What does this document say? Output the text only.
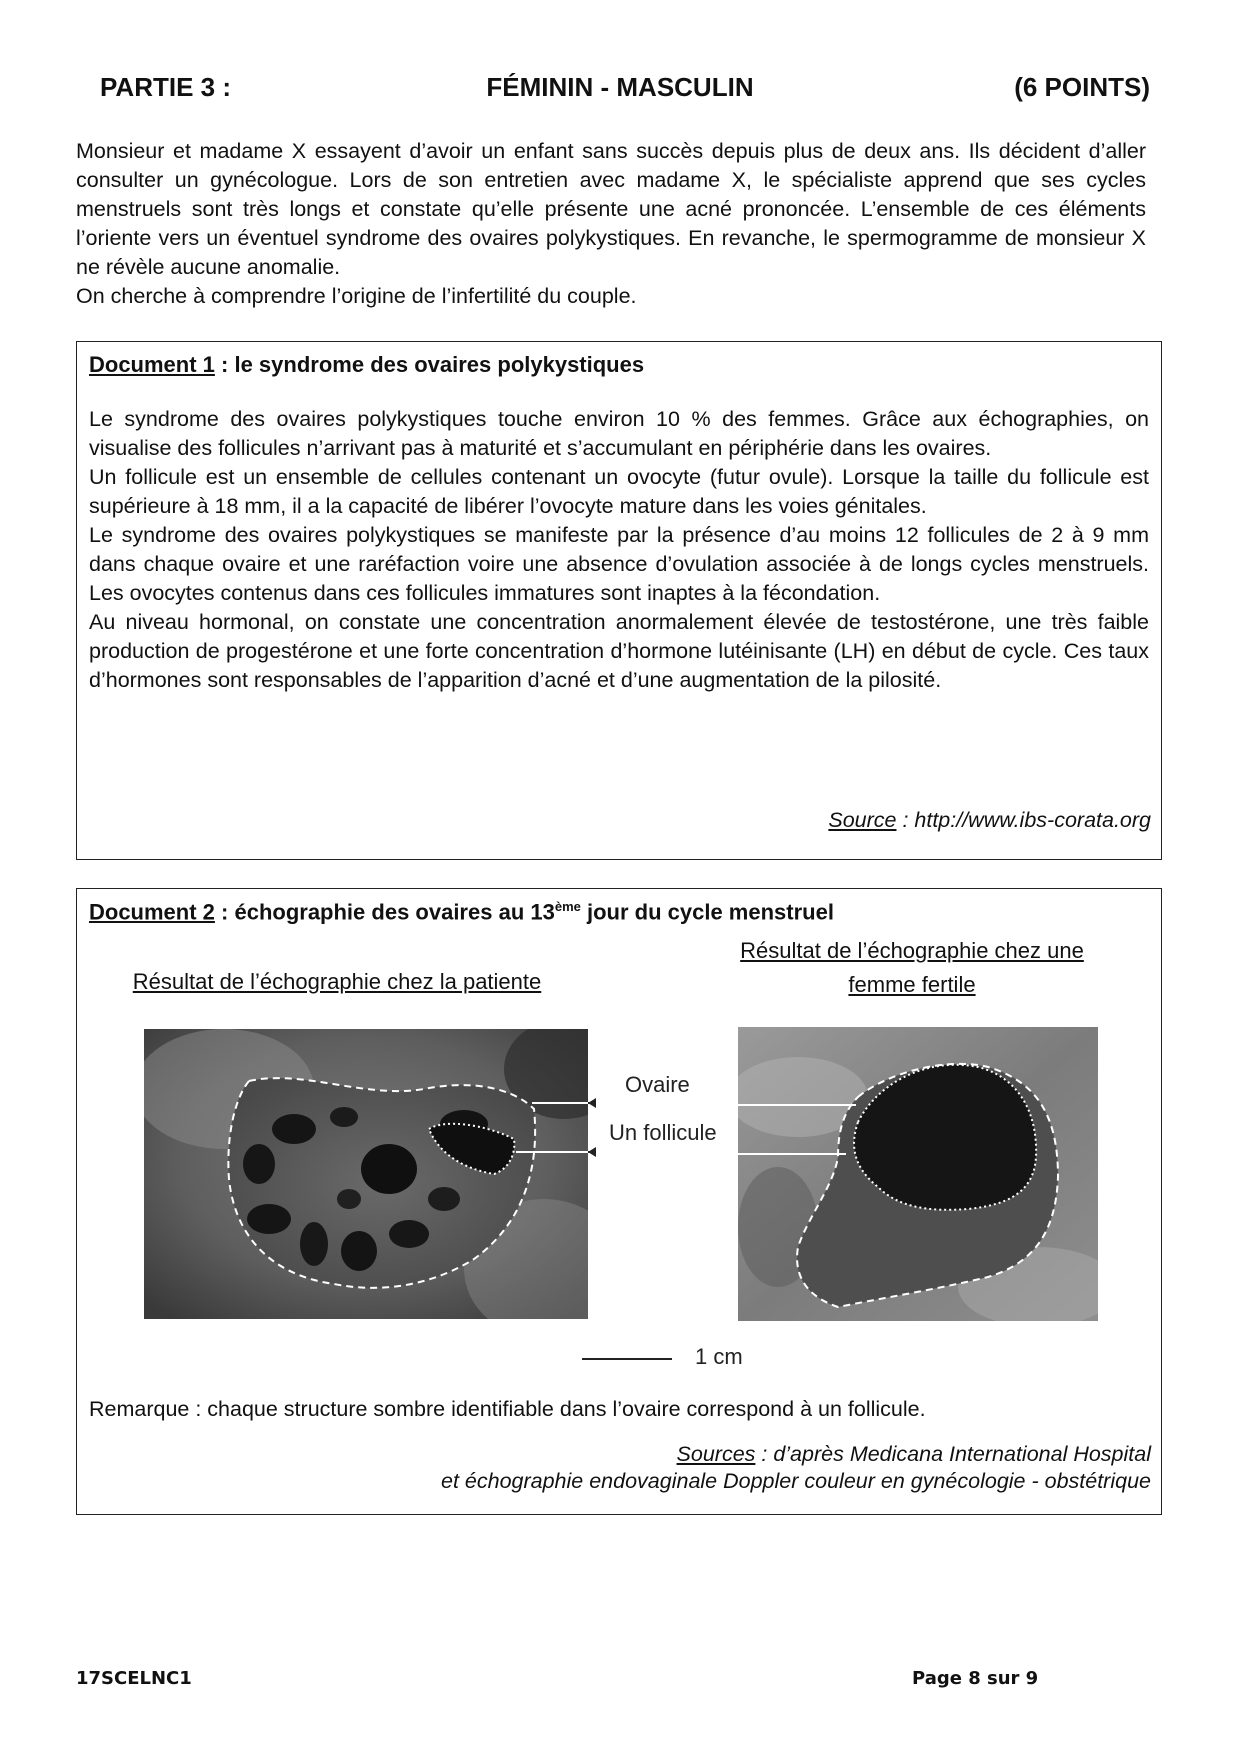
FÉMININ - MASCULIN
PARTIE 3 :	(6 POINTS)

Monsieur et madame X essayent d’avoir un enfant sans succès depuis plus de deux ans. Ils décident d’aller consulter un gynécologue. Lors de son entretien avec madame X, le spécialiste apprend que ses cycles menstruels sont très longs et constate qu’elle présente une acné prononcée. L’ensemble de ces éléments l’oriente vers un éventuel syndrome des ovaires polykystiques. En revanche, le spermogramme de monsieur X ne révèle aucune anomalie.

On cherche à comprendre l’origine de l’infertilité du couple.

Document 1 : le syndrome des ovaires polykystiques

Le syndrome des ovaires polykystiques touche environ 10 % des femmes. Grâce aux échographies, on visualise des follicules n’arrivant pas à maturité et s’accumulant en périphérie dans les ovaires.

Un follicule est un ensemble de cellules contenant un ovocyte (futur ovule). Lorsque la taille du follicule est supérieure à 18 mm, il a la capacité de libérer l’ovocyte mature dans les voies génitales.

Le syndrome des ovaires polykystiques se manifeste par la présence d’au moins 12 follicules de 2 à 9 mm dans chaque ovaire et une raréfaction voire une absence d’ovulation associée à de longs cycles menstruels. Les ovocytes contenus dans ces follicules immatures sont inaptes à la fécondation.

Au niveau hormonal, on constate une concentration anormalement élevée de testostérone, une très faible production de progestérone et une forte concentration d’hormone lutéinisante (LH) en début de cycle. Ces taux d’hormones sont responsables de l’apparition d’acné et d’une augmentation de la pilosité.

Source : http://www.ibs-corata.org
Document 2 : échographie des ovaires au 13ème jour du cycle menstruel
Résultat de l’échographie chez la patiente
Résultat de l’échographie chez une femme fertile
Ovaire
Un follicule
1 cm
Remarque : chaque structure sombre identifiable dans l’ovaire correspond à un follicule.
Sources : d’après Medicana International Hospital
et échographie endovaginale Doppler couleur en gynécologie - obstétrique
17SCELNC1	Page 8 sur 9
